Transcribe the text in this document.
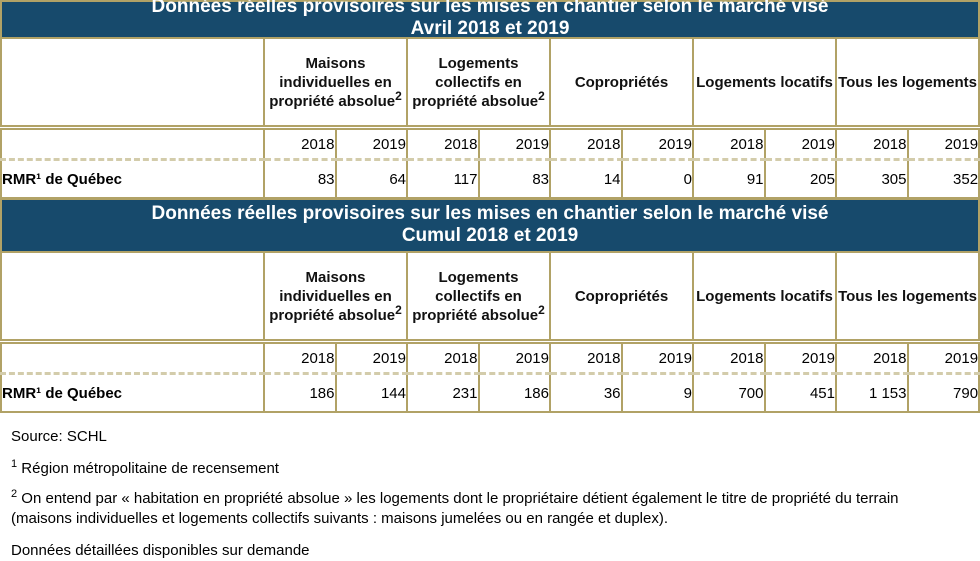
Données réelles provisoires sur les mises en chantier selon le marché visé
Avril 2018 et 2019										

	Maisons individuelles en propriété absolue$^2$		Logements collectifs en propriété absolue$^2$		Copropriétés		Logements locatifs		Tous les logements	
	2018	2019	2018	2019	2018	2019	2018	2019	2018	2019
RMR¹ de Québec	83	64	117	83	14	0	91	205	305	352
Données réelles provisoires sur les mises en chantier selon le marché visé
Cumul 2018 et 2019										

	Maisons individuelles en propriété absolue$^2$		Logements collectifs en propriété absolue$^2$		Copropriétés		Logements locatifs		Tous les logements	
	2018	2019	2018	2019	2018	2019	2018	2019	2018	2019
RMR¹ de Québec	186	144	231	186	36	9	700	451	1 153	790

Source: SCHL

$^1$ Région métropolitaine de recensement

$^2$ On entend par « habitation en propriété absolue » les logements dont le propriétaire détient également le titre de propriété du terrain (maisons individuelles et logements collectifs suivants : maisons jumelées ou en rangée et duplex).

Données détaillées disponibles sur demande
